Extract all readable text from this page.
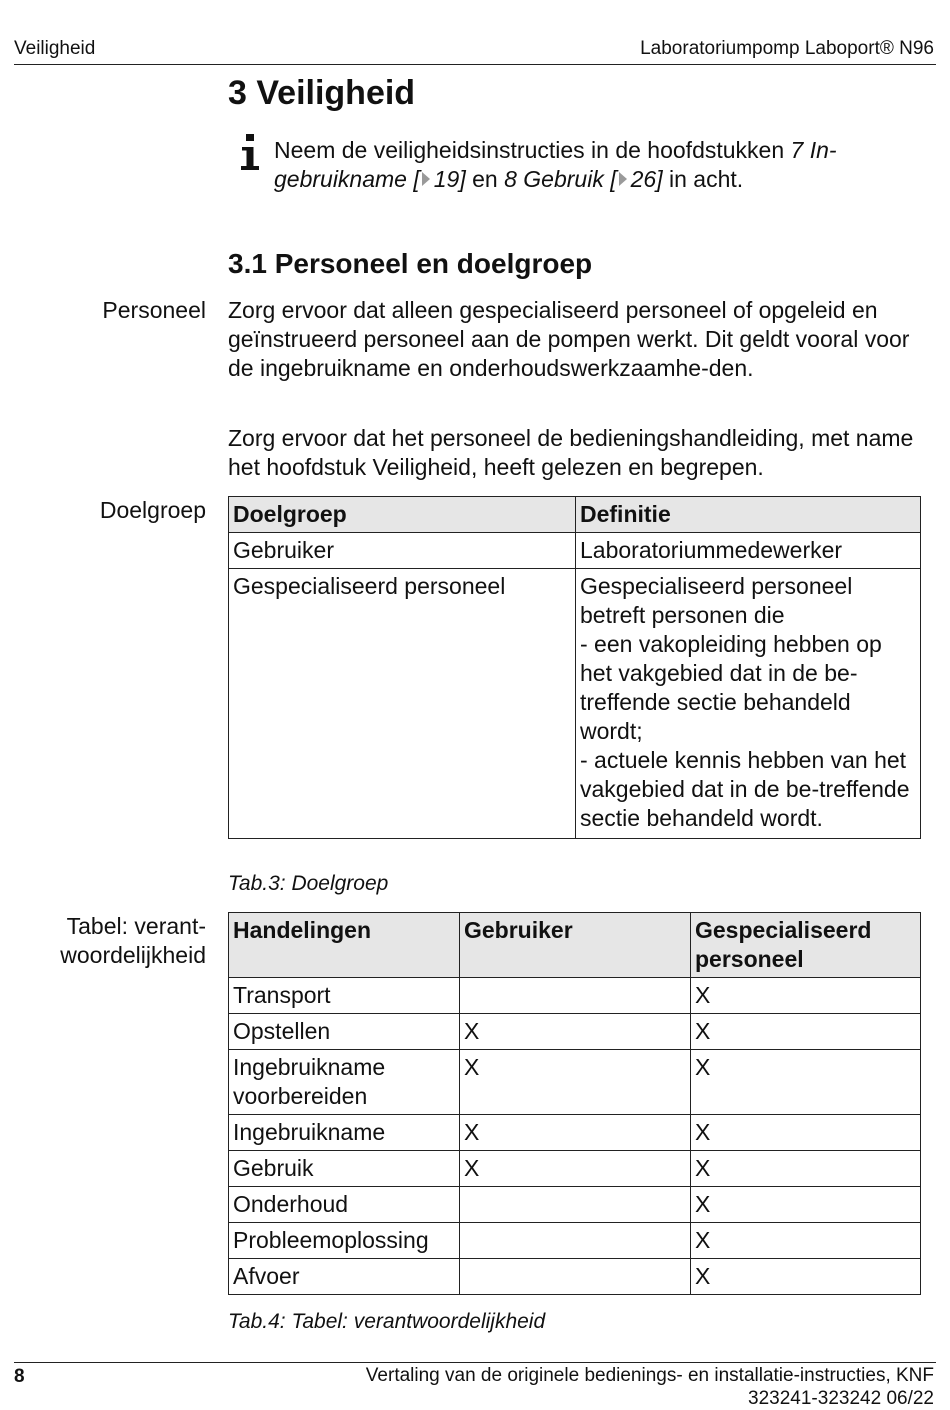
Veiligheid	Laboratoriumpomp Laboport® N96
3 Veiligheid
Neem de veiligheidsinstructies in de hoofdstukken 7 In-gebruikname [ 19] en 8 Gebruik [ 26] in acht.
3.1 Personeel en doelgroep
Personeel Zorg ervoor dat alleen gespecialiseerd personeel of opgeleid en geïnstrueerd personeel aan de pompen werkt. Dit geldt vooral voor de ingebruikname en onderhoudswerkzaamhe-den.

Zorg ervoor dat het personeel de bedieningshandleiding, met name het hoofdstuk Veiligheid, heeft gelezen en begrepen.

Doelgroep Doelgroep	Definitie
Gebruiker	Laboratoriummedewerker
Gespecialiseerd personeel	Gespecialiseerd personeel betreft personen die
- een vakopleiding hebben op het vakgebied dat in de be-treffende sectie behandeld wordt;
- actuele kennis hebben van het vakgebied dat in de be-treffende sectie behandeld wordt.
Tab.3: Doelgroep
Tabel: verant-
woordelijkheid
Handelingen	Gebruiker	Gespecialiseerd personeel
Transport		X
Opstellen	X	X
Ingebruikname voorbereiden	X	X
Ingebruikname	X	X
Gebruik	X	X
Onderhoud		X
Probleemoplossing		X
Afvoer		X
Tab.4: Tabel: verantwoordelijkheid
8	Vertaling van de originele bedienings- en installatie-instructies, KNF
323241-323242 06/22
